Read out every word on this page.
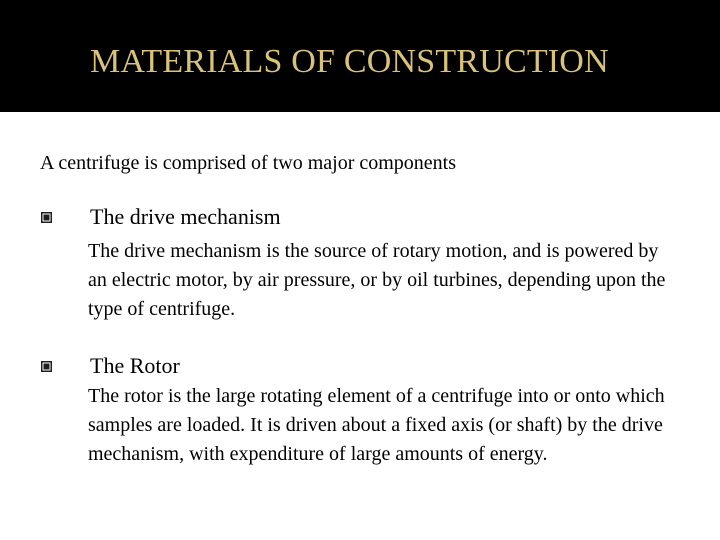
MATERIALS OF CONSTRUCTION
A centrifuge is comprised of two major components
The drive mechanism
The drive mechanism is the source of rotary motion, and is powered by an electric motor, by air pressure, or by oil turbines, depending upon the type of centrifuge.
The Rotor
The rotor is the large rotating element of a centrifuge into or onto which samples are loaded. It is driven about a fixed axis (or shaft) by the drive mechanism, with expenditure of large amounts of energy.
